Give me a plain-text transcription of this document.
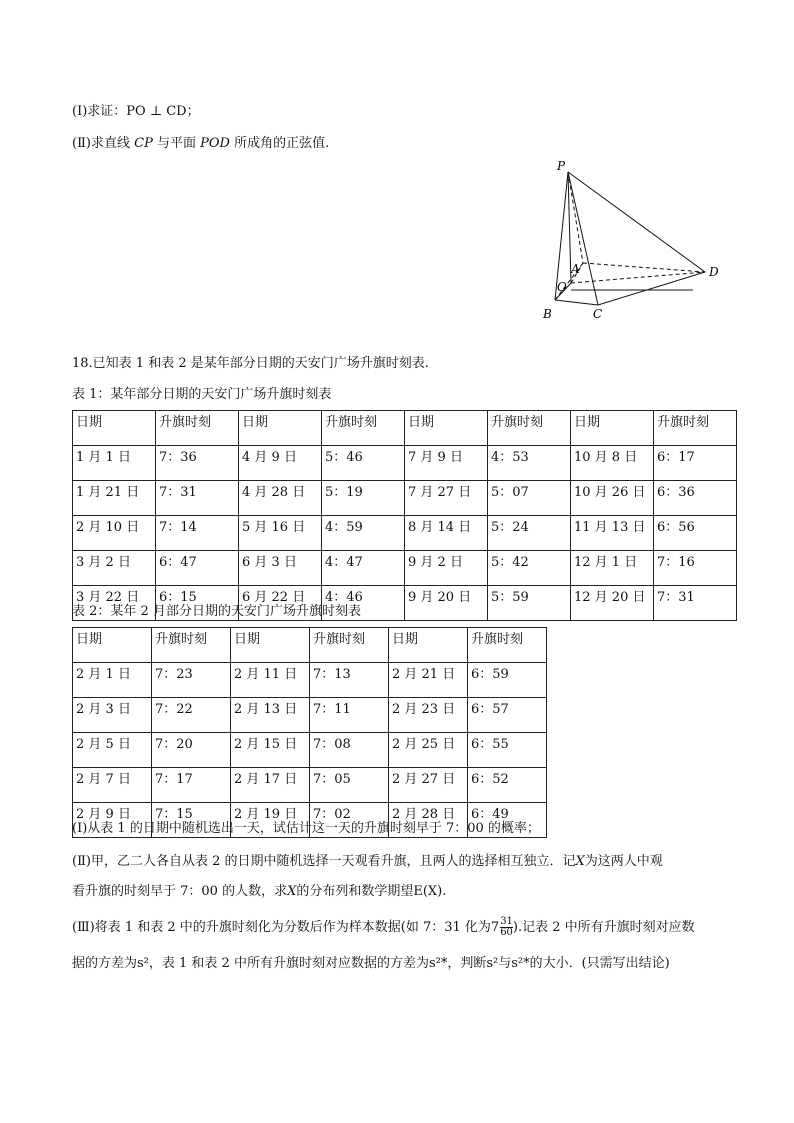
(Ⅰ)求证：PO ⊥ CD；
(Ⅱ)求直线 CP 与平面 POD 所成角的正弦值.
P
A
O
D
B	C
18.已知表 1 和表 2 是某年部分日期的天安门广场升旗时刻表.
表 1：某年部分日期的天安门广场升旗时刻表
日期	升旗时刻	日期	升旗时刻	日期	升旗时刻	日期	升旗时刻
1 月 1 日	7：36	4 月 9 日	5：46	7 月 9 日	4：53	10 月 8 日	6：17
1 月 21 日	7：31	4 月 28 日	5：19	7 月 27 日	5：07	10 月 26 日	6：36
2 月 10 日	7：14	5 月 16 日	4：59	8 月 14 日	5：24	11 月 13 日	6：56
3 月 2 日	6：47	6 月 3 日	4：47	9 月 2 日	5：42	12 月 1 日	7：16
3 月 22 日	6：15	6 月 22 日	4：46	9 月 20 日	5：59	12 月 20 日	7：31
表 2：某年 2 月部分日期的天安门广场升旗时刻表
日期	升旗时刻	日期	升旗时刻	日期	升旗时刻
2 月 1 日	7：23	2 月 11 日	7：13	2 月 21 日	6：59
2 月 3 日	7：22	2 月 13 日	7：11	2 月 23 日	6：57
2 月 5 日	7：20	2 月 15 日	7：08	2 月 25 日	6：55
2 月 7 日	7：17	2 月 17 日	7：05	2 月 27 日	6：52
2 月 9 日	7：15	2 月 19 日	7：02	2 月 28 日	6：49
(Ⅰ)从表 1 的日期中随机选出一天，试估计这一天的升旗时刻早于 7：00 的概率；
(Ⅱ)甲，乙二人各自从表 2 的日期中随机选择一天观看升旗，且两人的选择相互独立．记X为这两人中观
看升旗的时刻早于 7：00 的人数，求X的分布列和数学期望E(X).
(Ⅲ)将表 1 和表 2 中的升旗时刻化为分数后作为样本数据(如 7：31 化为$7 \frac{31}{60}$ ).记表 2 中所有升旗时刻对应数
据的方差为s²，表 1 和表 2 中所有升旗时刻对应数据的方差为s²*，判断s²与s²*的大小．(只需写出结论)
